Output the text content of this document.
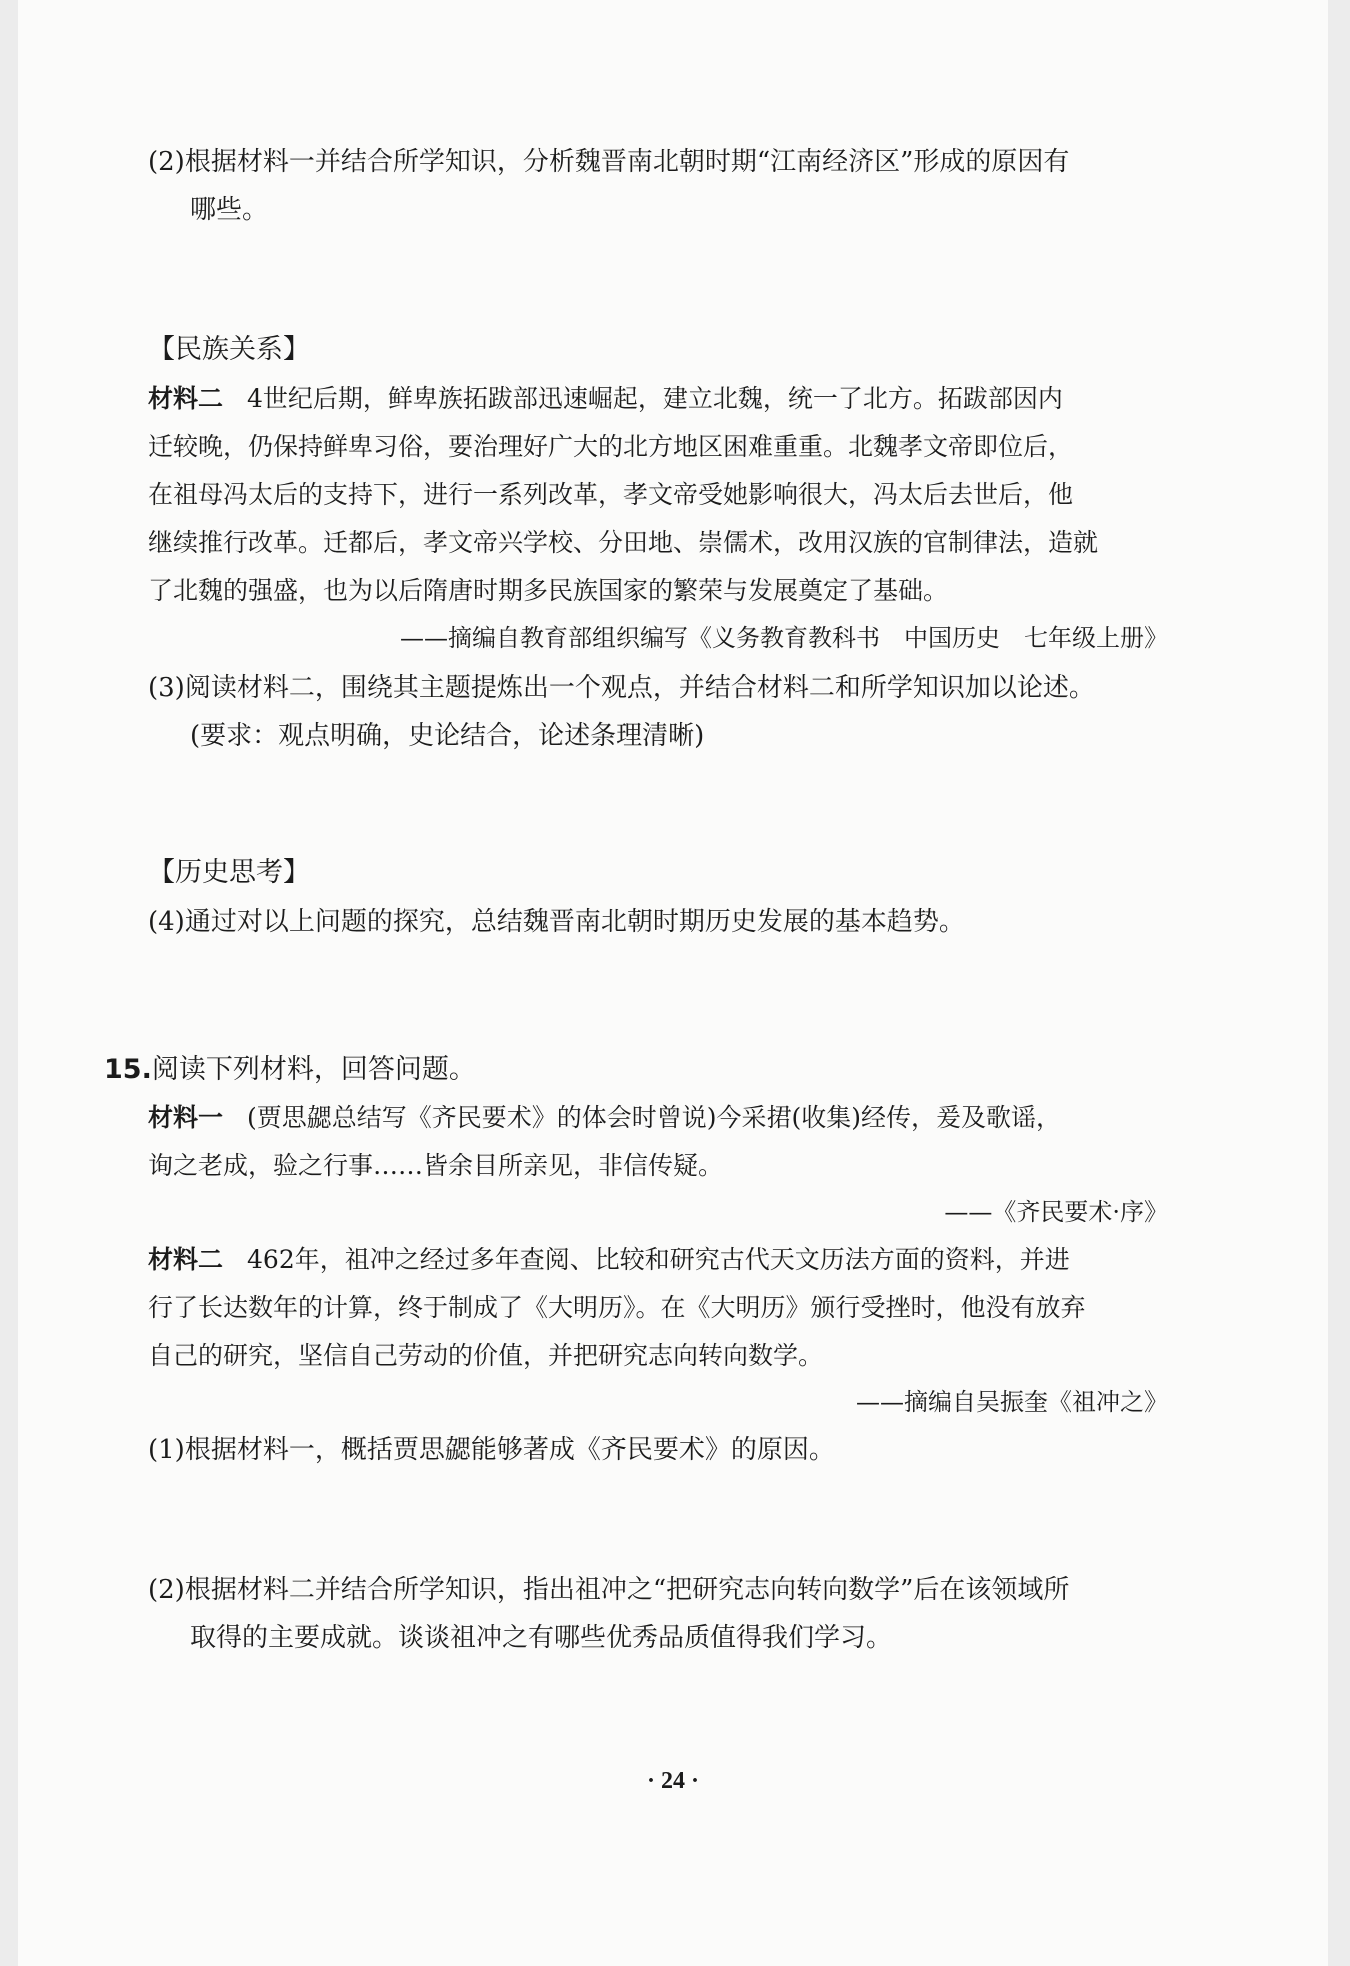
(2)根据材料一并结合所学知识，分析魏晋南北朝时期“江南经济区”形成的原因有
哪些。
【民族关系】
材料二 4世纪后期，鲜卑族拓跋部迅速崛起，建立北魏，统一了北方。拓跋部因内
迁较晚，仍保持鲜卑习俗，要治理好广大的北方地区困难重重。北魏孝文帝即位后，
在祖母冯太后的支持下，进行一系列改革，孝文帝受她影响很大，冯太后去世后，他
继续推行改革。迁都后，孝文帝兴学校、分田地、崇儒术，改用汉族的官制律法，造就
了北魏的强盛，也为以后隋唐时期多民族国家的繁荣与发展奠定了基础。
——摘编自教育部组织编写《义务教育教科书　中国历史　七年级上册》
(3)阅读材料二，围绕其主题提炼出一个观点，并结合材料二和所学知识加以论述。
(要求：观点明确，史论结合，论述条理清晰)
【历史思考】
(4)通过对以上问题的探究，总结魏晋南北朝时期历史发展的基本趋势。
15.阅读下列材料，回答问题。
材料一 (贾思勰总结写《齐民要术》的体会时曾说)今采捃(收集)经传，爰及歌谣，
询之老成，验之行事……皆余目所亲见，非信传疑。
——《齐民要术·序》
材料二 462年，祖冲之经过多年查阅、比较和研究古代天文历法方面的资料，并进
行了长达数年的计算，终于制成了《大明历》。在《大明历》颁行受挫时，他没有放弃
自己的研究，坚信自己劳动的价值，并把研究志向转向数学。
——摘编自吴振奎《祖冲之》
(1)根据材料一，概括贾思勰能够著成《齐民要术》的原因。
(2)根据材料二并结合所学知识，指出祖冲之“把研究志向转向数学”后在该领域所
取得的主要成就。谈谈祖冲之有哪些优秀品质值得我们学习。
· 24 ·
